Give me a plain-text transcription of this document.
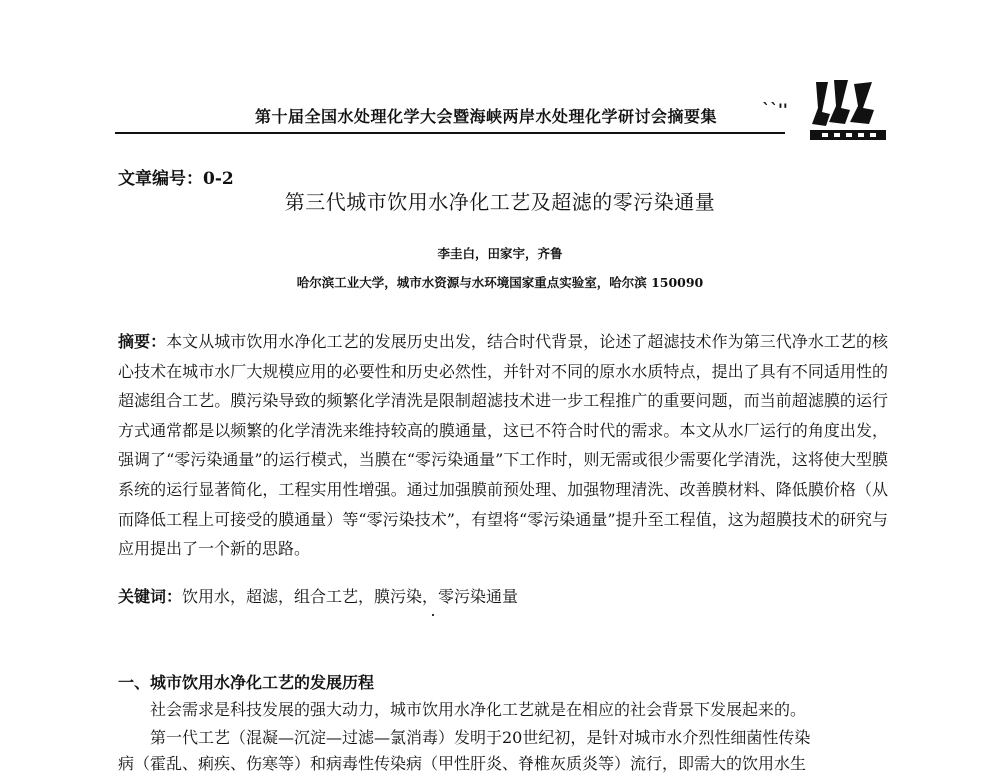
第十届全国水处理化学大会暨海峡两岸水处理化学研讨会摘要集	``''
文章编号：0-2
第三代城市饮用水净化工艺及超滤的零污染通量
李圭白，田家宇，齐鲁
哈尔滨工业大学，城市水资源与水环境国家重点实验室，哈尔滨 150090

摘要：本文从城市饮用水净化工艺的发展历史出发，结合时代背景，论述了超滤技术作为第三代净水工艺的核心技术在城市水厂大规模应用的必要性和历史必然性，并针对不同的原水水质特点，提出了具有不同适用性的超滤组合工艺。膜污染导致的频繁化学清洗是限制超滤技术进一步工程推广的重要问题，而当前超滤膜的运行方式通常都是以频繁的化学清洗来维持较高的膜通量，这已不符合时代的需求。本文从水厂运行的角度出发，强调了“零污染通量”的运行模式，当膜在“零污染通量”下工作时，则无需或很少需要化学清洗，这将使大型膜系统的运行显著简化，工程实用性增强。通过加强膜前预处理、加强物理清洗、改善膜材料、降低膜价格（从而降低工程上可接受的膜通量）等“零污染技术”，有望将“零污染通量”提升至工程值，这为超膜技术的研究与应用提出了一个新的思路。

关键词：饮用水，超滤，组合工艺，膜污染，零污染通量

一、城市饮用水净化工艺的发展历程

社会需求是科技发展的强大动力，城市饮用水净化工艺就是在相应的社会背景下发展起来的。

第一代工艺（混凝—沉淀—过滤—氯消毒）发明于20世纪初，是针对城市水介烈性细菌性传染

病（霍乱、痢疾、伤寒等）和病毒性传染病（甲性肝炎、脊椎灰质炎等）流行，即需大的饮用水生
